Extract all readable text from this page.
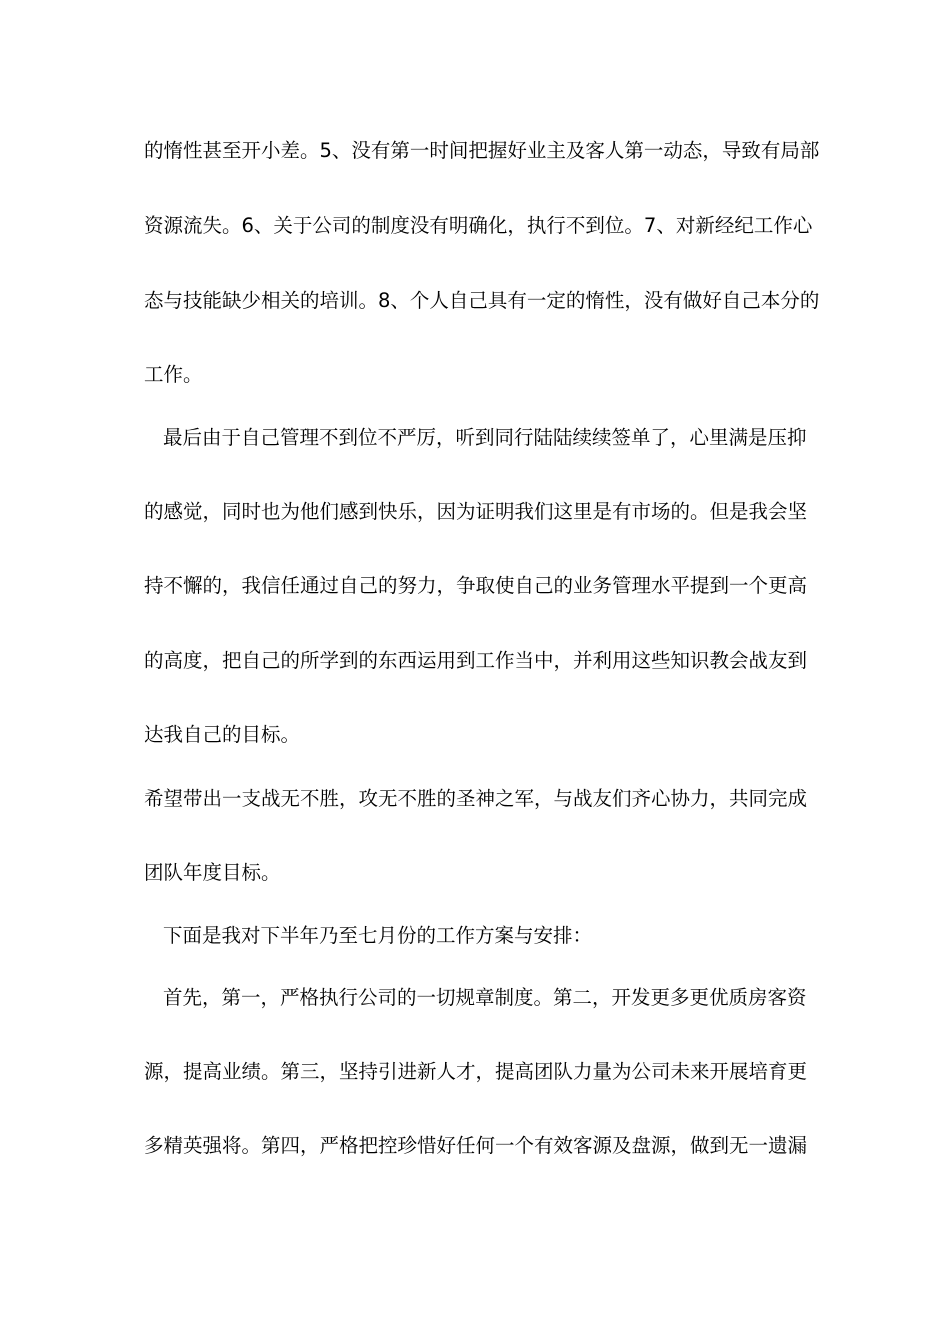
的惰性甚至开小差。5、没有第一时间把握好业主及客人第一动态，导致有局部
资源流失。6、关于公司的制度没有明确化，执行不到位。7、对新经纪工作心
态与技能缺少相关的培训。8、个人自己具有一定的惰性，没有做好自己本分的
工作。
最后由于自己管理不到位不严厉，听到同行陆陆续续签单了，心里满是压抑
的感觉，同时也为他们感到快乐，因为证明我们这里是有市场的。但是我会坚
持不懈的，我信任通过自己的努力，争取使自己的业务管理水平提到一个更高
的高度，把自己的所学到的东西运用到工作当中，并利用这些知识教会战友到
达我自己的目标。
希望带出一支战无不胜，攻无不胜的圣神之军，与战友们齐心协力，共同完成
团队年度目标。
下面是我对下半年乃至七月份的工作方案与安排：
首先，第一，严格执行公司的一切规章制度。第二，开发更多更优质房客资
源，提高业绩。第三，坚持引进新人才，提高团队力量为公司未来开展培育更
多精英强将。第四，严格把控珍惜好任何一个有效客源及盘源，做到无一遗漏
